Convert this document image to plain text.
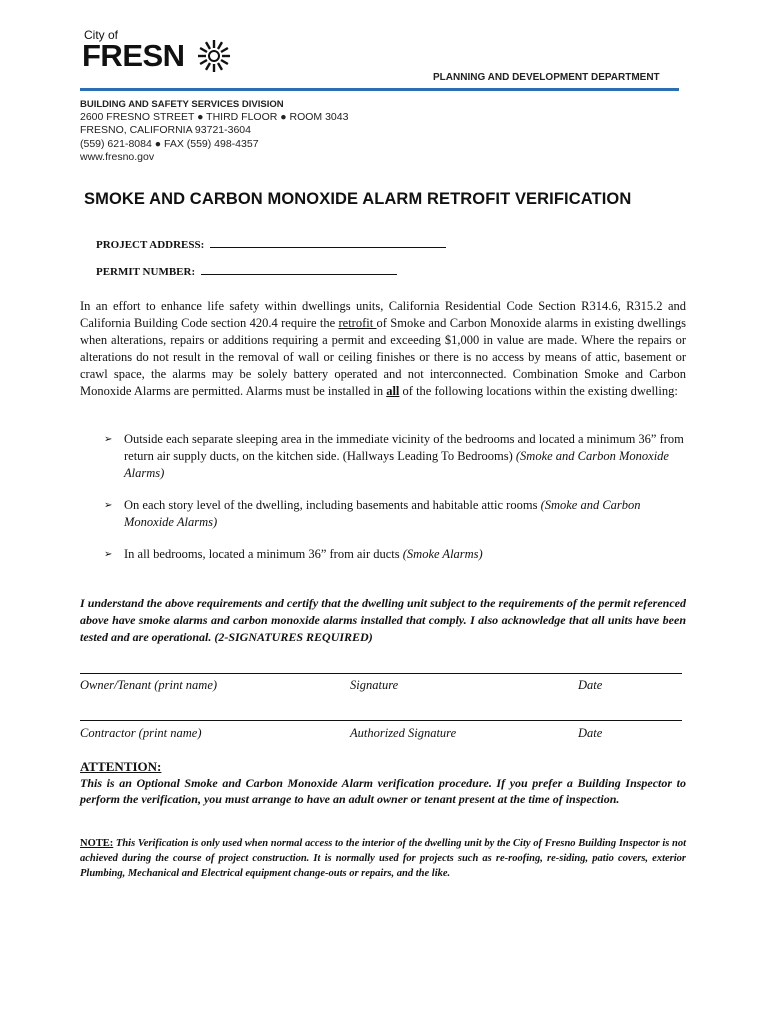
City of
FRESN
PLANNING AND DEVELOPMENT DEPARTMENT
BUILDING AND SAFETY SERVICES DIVISION
2600 FRESNO STREET ● THIRD FLOOR ● ROOM 3043
FRESNO, CALIFORNIA 93721-3604
(559) 621-8084 ● FAX (559) 498-4357
www.fresno.gov
SMOKE AND CARBON MONOXIDE ALARM RETROFIT VERIFICATION
PROJECT ADDRESS:
PERMIT NUMBER:
In an effort to enhance life safety within dwellings units, California Residential Code Section R314.6, R315.2 and California Building Code section 420.4 require the retrofit of Smoke and Carbon Monoxide alarms in existing dwellings when alterations, repairs or additions requiring a permit and exceeding $1,000 in value are made. Where the repairs or alterations do not result in the removal of wall or ceiling finishes or there is no access by means of attic, basement or crawl space, the alarms may be solely battery operated and not interconnected. Combination Smoke and Carbon Monoxide Alarms are permitted. Alarms must be installed in all of the following locations within the existing dwelling:
➢ Outside each separate sleeping area in the immediate vicinity of the bedrooms and located a minimum 36” from return air supply ducts, on the kitchen side. (Hallways Leading To Bedrooms) (Smoke and Carbon Monoxide Alarms)
➢ On each story level of the dwelling, including basements and habitable attic rooms (Smoke and Carbon Monoxide Alarms)
➢ In all bedrooms, located a minimum 36” from air ducts (Smoke Alarms)
I understand the above requirements and certify that the dwelling unit subject to the requirements of the permit referenced above have smoke alarms and carbon monoxide alarms installed that comply. I also acknowledge that all units have been tested and are operational. (2-SIGNATURES REQUIRED)
Owner/Tenant (print name)	Signature	Date
Contractor (print name)	Authorized Signature	Date
ATTENTION:
This is an Optional Smoke and Carbon Monoxide Alarm verification procedure. If you prefer a Building Inspector to perform the verification, you must arrange to have an adult owner or tenant present at the time of inspection.
NOTE: This Verification is only used when normal access to the interior of the dwelling unit by the City of Fresno Building Inspector is not achieved during the course of project construction. It is normally used for projects such as re-roofing, re-siding, patio covers, exterior Plumbing, Mechanical and Electrical equipment change-outs or repairs, and the like.
